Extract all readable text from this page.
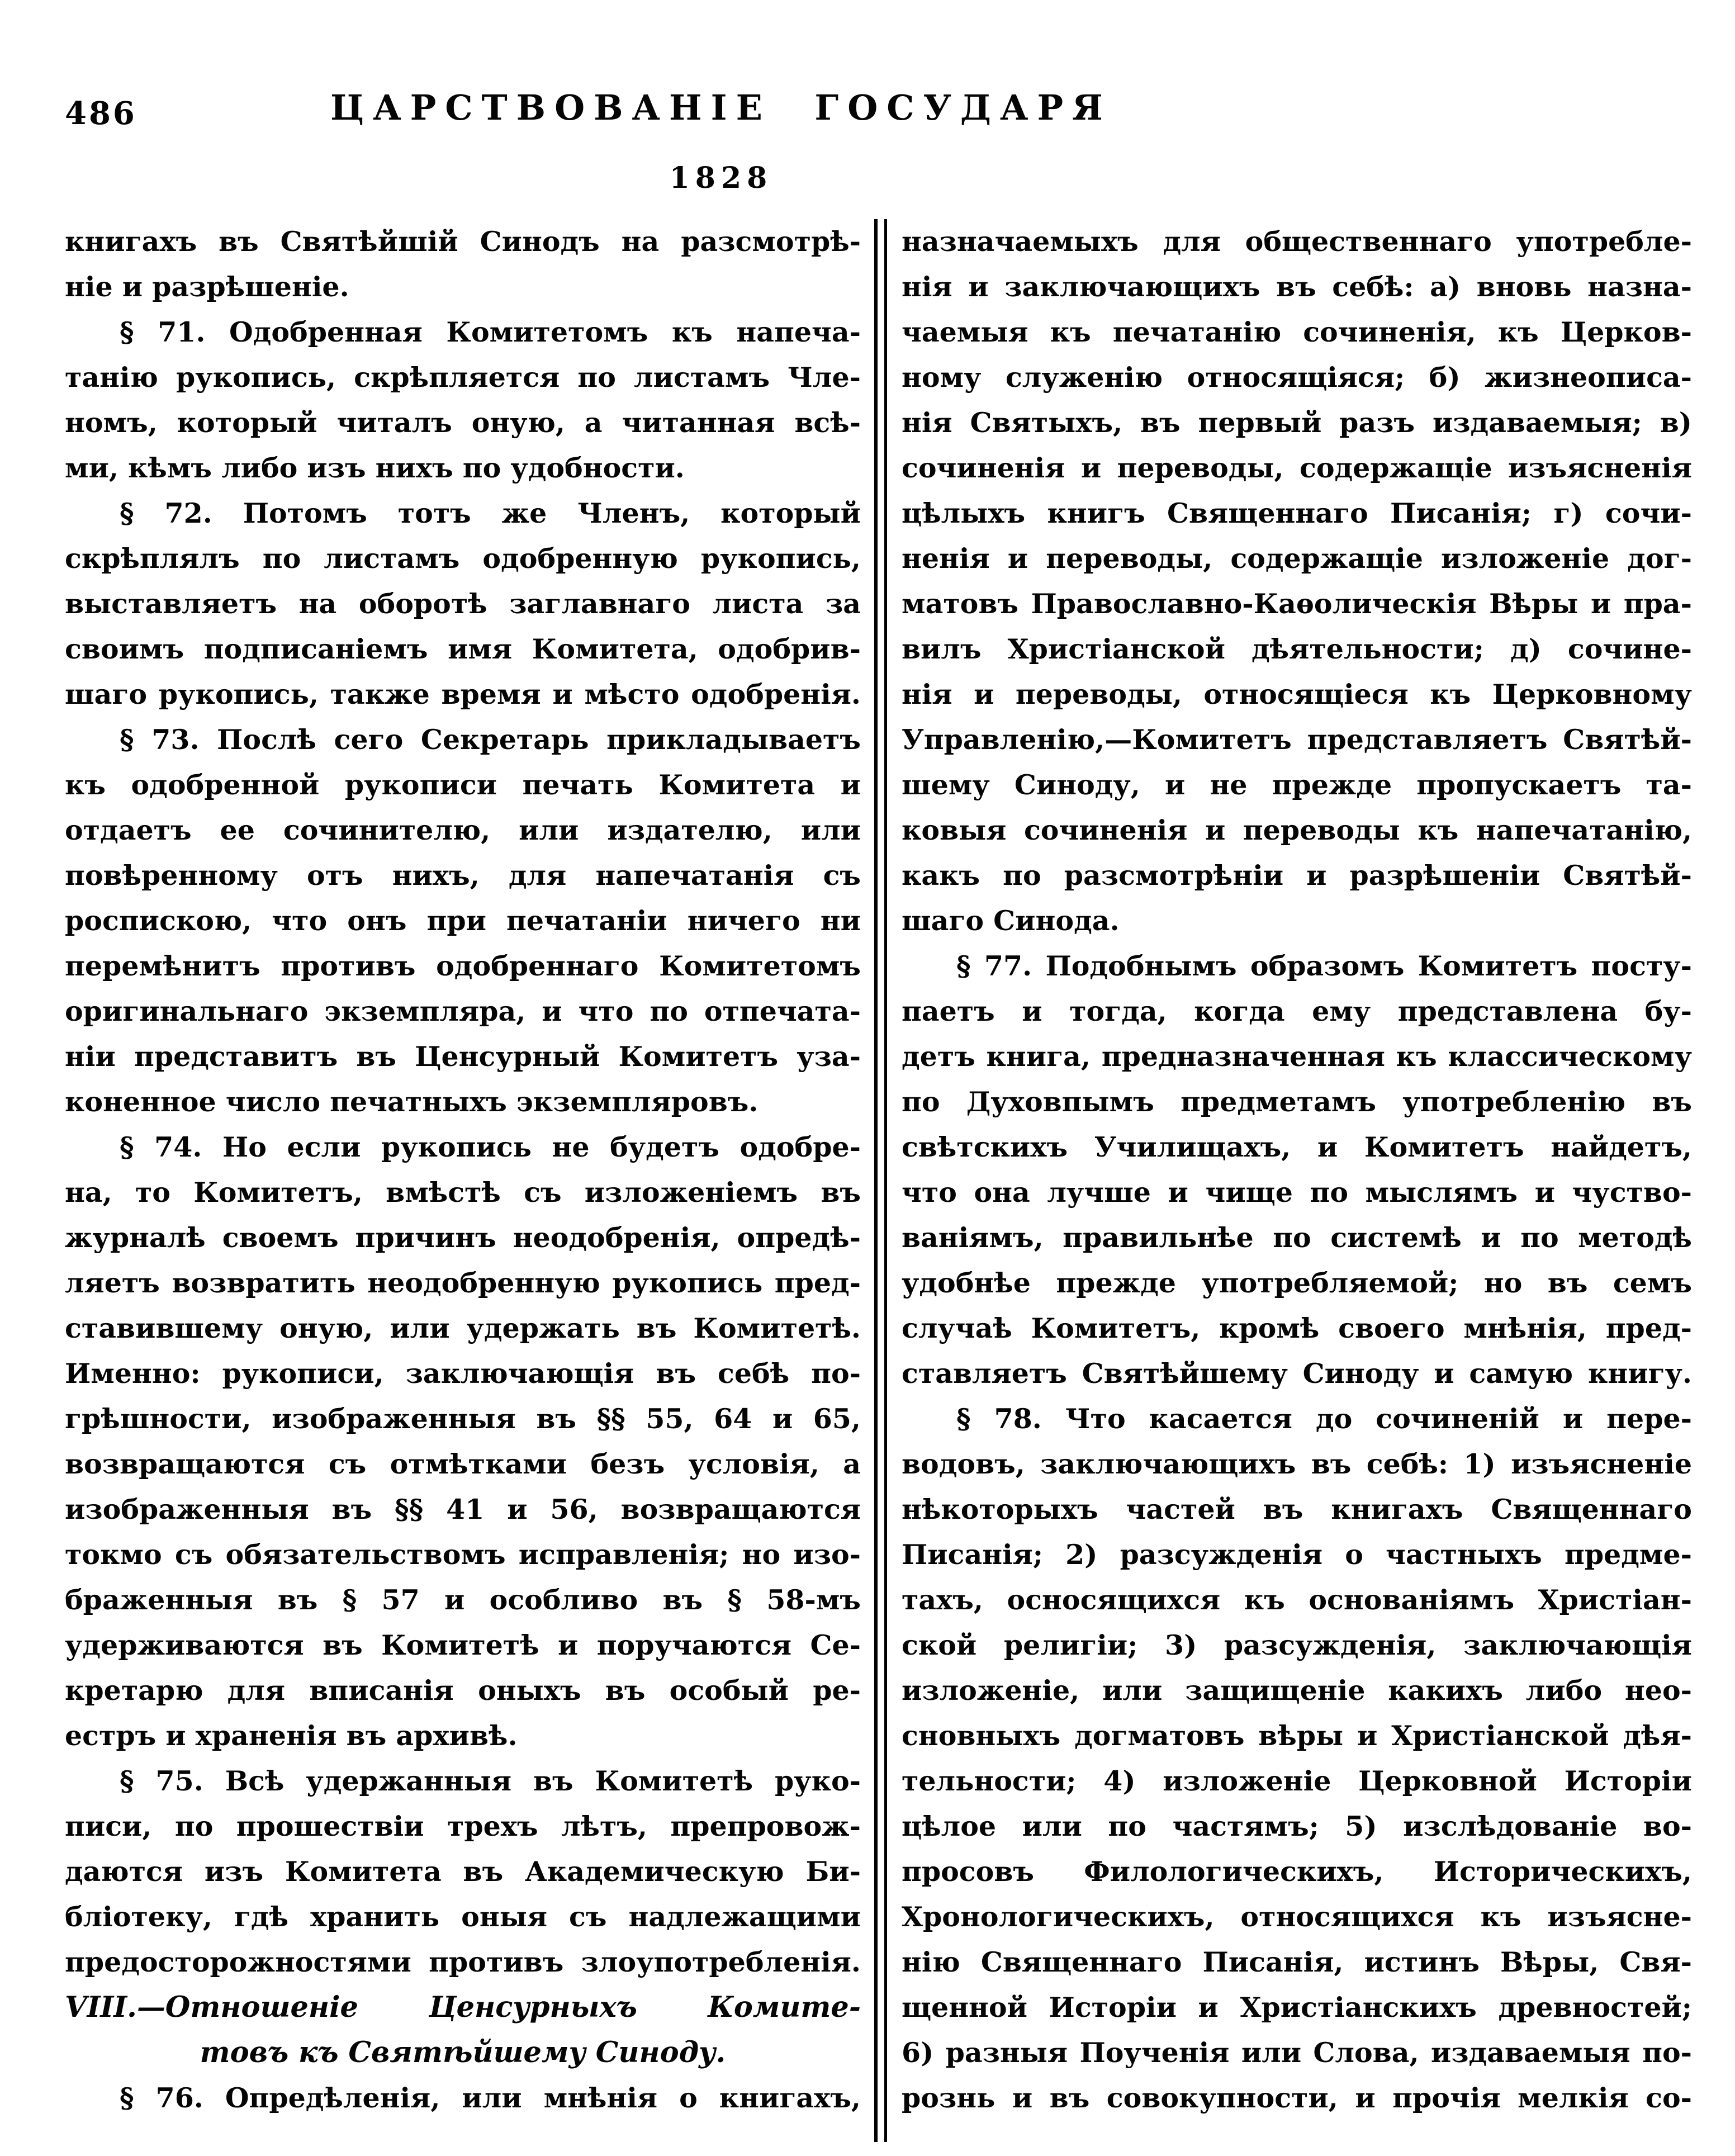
486	ЦАРСТВОВАНІЕ ГОСУДАРЯ
1828
книгахъ въ Святѣйшій Синодъ на разсмотрѣ-
ніе и разрѣшеніе.
§ 71. Одобренная Комитетомъ къ напеча-
танію рукопись, скрѣпляется по листамъ Чле-
номъ, который читалъ оную, а читанная всѣ-
ми, кѣмъ либо изъ нихъ по удобности.
§ 72. Потомъ тотъ же Членъ, который
скрѣплялъ по листамъ одобренную рукопись,
выставляетъ на оборотѣ заглавнаго листа за
своимъ подписаніемъ имя Комитета, одобрив-
шаго рукопись, также время и мѣсто одобренія.
§ 73. Послѣ сего Секретарь прикладываетъ
къ одобренной рукописи печать Комитета и
отдаетъ ее сочинителю, или издателю, или
повѣренному отъ нихъ, для напечатанія съ
роспискою, что онъ при печатаніи ничего ни
перемѣнитъ противъ одобреннаго Комитетомъ
оригинальнаго экземпляра, и что по отпечата-
ніи представитъ въ Ценсурный Комитетъ уза-
коненное число печатныхъ экземпляровъ.
§ 74. Но если рукопись не будетъ одобре-
на, то Комитетъ, вмѣстѣ съ изложеніемъ въ
журналѣ своемъ причинъ неодобренія, опредѣ-
ляетъ возвратить неодобренную рукопись пред-
ставившему оную, или удержать въ Комитетѣ.
Именно: рукописи, заключающія въ себѣ по-
грѣшности, изображенныя въ §§ 55, 64 и 65,
возвращаются съ отмѣтками безъ условія, а
изображенныя въ §§ 41 и 56, возвращаются
токмо съ обязательствомъ исправленія; но изо-
браженныя въ § 57 и особливо въ § 58-мъ
удерживаются въ Комитетѣ и поручаются Се-
кретарю для вписанія оныхъ въ особый ре-
естръ и храненія въ архивѣ.
§ 75. Всѣ удержанныя въ Комитетѣ руко-
писи, по прошествіи трехъ лѣтъ, препровож-
даются изъ Комитета въ Академическую Би-
бліотеку, гдѣ хранить оныя съ надлежащими
предосторожностями противъ злоупотребленія.
VIII.—Отношеніе Ценсурныхъ Комите-
товъ къ Святѣйшему Синоду.
§ 76. Опредѣленія, или мнѣнія о книгахъ,
назначаемыхъ для общественнаго употребле-
нія и заключающихъ въ себѣ: а) вновь назна-
чаемыя къ печатанію сочиненія, къ Церков-
ному служенію относящіяся; б) жизнеописа-
нія Святыхъ, въ первый разъ издаваемыя; в)
сочиненія и переводы, содержащіе изъясненія
цѣлыхъ книгъ Священнаго Писанія; г) сочи-
ненія и переводы, содержащіе изложеніе дог-
матовъ Православно-Каѳолическія Вѣры и пра-
вилъ Христіанской дѣятельности; д) сочине-
нія и переводы, относящіеся къ Церковному
Управленію,—Комитетъ представляетъ Святѣй-
шему Синоду, и не прежде пропускаетъ та-
ковыя сочиненія и переводы къ напечатанію,
какъ по разсмотрѣніи и разрѣшеніи Святѣй-
шаго Синода.
§ 77. Подобнымъ образомъ Комитетъ посту-
паетъ и тогда, когда ему представлена бу-
детъ книга, предназначенная къ классическому
по Духовпымъ предметамъ употребленію въ
свѣтскихъ Училищахъ, и Комитетъ найдетъ,
что она лучше и чище по мыслямъ и чуство-
ваніямъ, правильнѣе по системѣ и по методѣ
удобнѣе прежде употребляемой; но въ семъ
случаѣ Комитетъ, кромѣ своего мнѣнія, пред-
ставляетъ Святѣйшему Синоду и самую книгу.
§ 78. Что касается до сочиненій и пере-
водовъ, заключающихъ въ себѣ: 1) изъясненіе
нѣкоторыхъ частей въ книгахъ Священнаго
Писанія; 2) разсужденія о частныхъ предме-
тахъ, осносящихся къ основаніямъ Христіан-
ской религіи; 3) разсужденія, заключающія
изложеніе, или защищеніе какихъ либо нео-
сновныхъ догматовъ вѣры и Христіанской дѣя-
тельности; 4) изложеніе Церковной Исторіи
цѣлое или по частямъ; 5) изслѣдованіе во-
просовъ Филологическихъ, Историческихъ,
Хронологическихъ, относящихся къ изъясне-
нію Священнаго Писанія, истинъ Вѣры, Свя-
щенной Исторіи и Христіанскихъ древностей;
6) разныя Поученія или Слова, издаваемыя по-
рознь и въ совокупности, и прочія мелкія со-
